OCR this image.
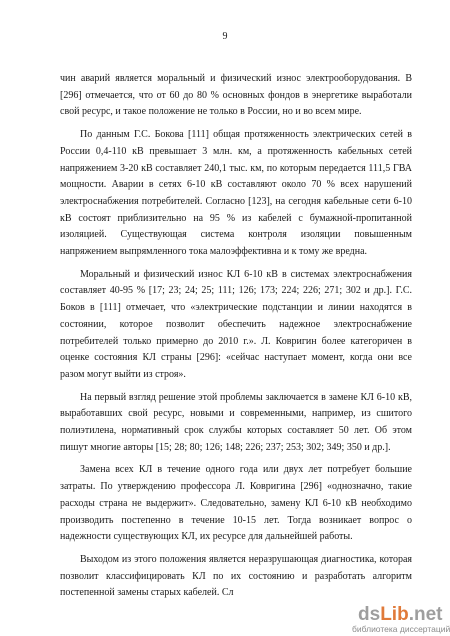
9

чин аварий является моральный и физический износ электрооборудования. В [296] отмечается, что от 60 до 80 % основных фондов в энергетике выработали свой ресурс, и такое положение не только в России, но и во всем мире.

По данным Г.С. Бокова [111] общая протяженность электрических сетей в России 0,4-110 кВ превышает 3 млн. км, а протяженность кабельных сетей напряжением 3-20 кВ составляет 240,1 тыс. км, по которым передается 111,5 ГВА мощности. Аварии в сетях 6-10 кВ составляют около 70 % всех нарушений электроснабжения потребителей. Согласно [123], на сегодня кабельные сети 6-10 кВ состоят приблизительно на 95 % из кабелей с бумажной-пропитанной изоляцией. Существующая система контроля изоляции повышенным напряжением выпрямленного тока малоэффективна и к тому же вредна.

Моральный и физический износ КЛ 6-10 кВ в системах электроснабжения составляет 40-95 % [17; 23; 24; 25; 111; 126; 173; 224; 226; 271; 302 и др.]. Г.С. Боков в [111] отмечает, что «электрические подстанции и линии находятся в состоянии, которое позволит обеспечить надежное электроснабжение потребителей только примерно до 2010 г.». Л. Ковригин более категоричен в оценке состояния КЛ страны [296]: «сейчас наступает момент, когда они все разом могут выйти из строя».

На первый взгляд решение этой проблемы заключается в замене КЛ 6-10 кВ, выработавших свой ресурс, новыми и современными, например, из сшитого полиэтилена, нормативный срок службы которых составляет 50 лет. Об этом пишут многие авторы [15; 28; 80; 126; 148; 226; 237; 253; 302; 349; 350 и др.].

Замена всех КЛ в течение одного года или двух лет потребует большие затраты. По утверждению профессора Л. Ковригина [296] «однозначно, такие расходы страна не выдержит». Следовательно, замену КЛ 6-10 кВ необходимо производить постепенно в течение 10-15 лет. Тогда возникает вопрос о надежности существующих КЛ, их ресурсе для дальнейшей работы.

Выходом из этого положения является неразрушающая диагностика, которая позволит классифицировать КЛ по их состоянию и разработать алгоритм постепенной замены старых кабелей. Сл

dsLib.net
библиотека диссертаций
